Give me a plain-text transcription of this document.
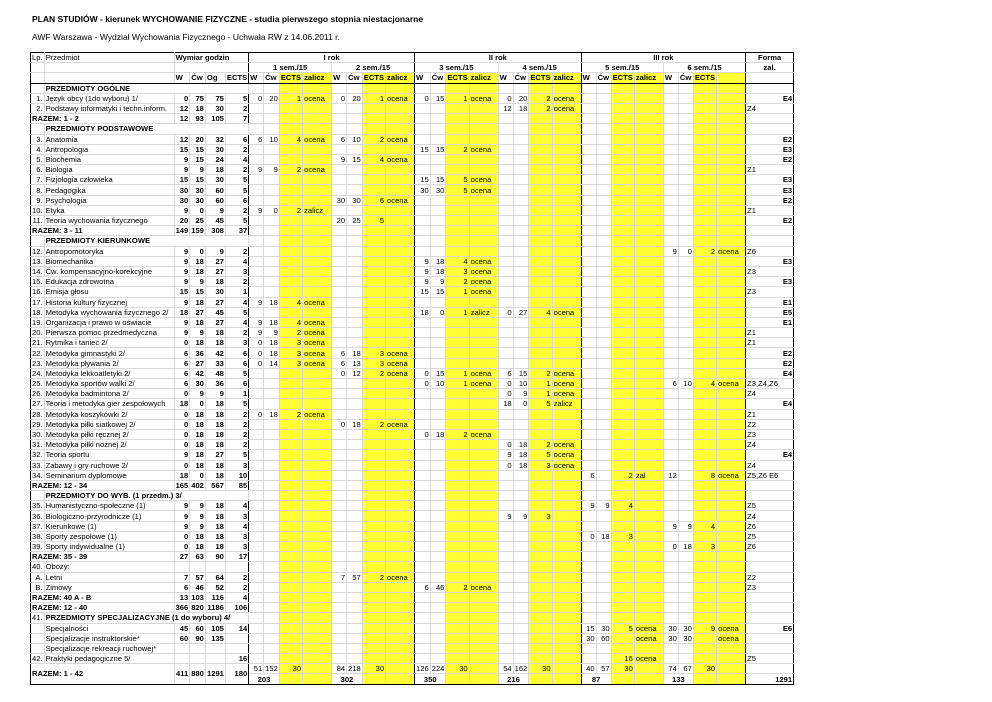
PLAN STUDIÓW - kierunek WYCHOWANIE FIZYCZNE - studia pierwszego stopnia niestacjonarne
AWF Warszawa - Wydział Wychowania Fizycznego - Uchwała RW z 14.06.2011 r.
Lp.	Przedmiot	Wymiar godzin				I rok								II rok								III rok								Forma
						1 sem./15				2 sem./15				3 sem./15				4 sem./15				5 sem./15				6 sem./15				zal.
		W	Ćw	Og	ECTS	W	Ćw	ECTS	zalicz	W	Ćw	ECTS	zalicz	W	Ćw	ECTS	zalicz	W	Ćw	ECTS	zalicz	W	Ćw	ECTS	zalicz	W	Ćw	ECTS		
	PRZEDMIOTY OGÓLNE																													
1.	Język obcy (1do wyboru) 1/	0	75	75	5	0	20	1	ocena	0	20	1	ocena	0	15	1	ocena	0	20	2	ocena									E4
2.	Podstawy informatyki i techn.inform.	12	18	30	2													12	18	2	ocena									Z4
RAZEM: 1 - 2		12	93	105	7																									
	PRZEDMIOTY PODSTAWOWE																													
3.	Anatomia	12	20	32	6	6	10	4	ocena	6	10	2	ocena																	E2
4.	Antropologia	15	15	30	2									15	15	2	ocena													E3
5.	Biochemia	9	15	24	4					9	15	4	ocena																	E2
6.	Biologia	9	9	18	2	9	9	2	ocena																					Z1
7.	Fizjologia człowieka	15	15	30	5									15	15	5	ocena													E3
8.	Pedagogika	30	30	60	5									30	30	5	ocena													E3
9.	Psychologia	30	30	60	6					30	30	6	ocena																	E2
10.	Etyka	9	0	9	2	9	0	2	zalicz																					Z1
11.	Teoria wychowania fizycznego	20	25	45	5					20	25	5																		E2
RAZEM: 3 - 11		149	159	308	37																									
	PRZEDMIOTY KIERUNKOWE																													
12.	Antropomotoryka	9	0	9	2																					9	0	2	ocena	Z6
13.	Biomechanika	9	18	27	4									9	18	4	ocena													E3
14.	Ćw. kompensacyjno-korekcyjne	9	18	27	3									9	18	3	ocena													Z3
15.	Edukacja zdrowotna	9	9	18	2									9	9	2	ocena													E3
16.	Emisja głosu	15	15	30	1									15	15	1	ocena													Z3
17.	Historia kultury fizycznej	9	18	27	4	9	18	4	ocena																					E1
18.	Metodyka wychowania fizycznego 2/	18	27	45	5									18	0	1	zalicz	0	27	4	ocena									E5
19.	Organizacja i prawo w oświacie	9	18	27	4	9	18	4	ocena																					E1
20.	Pierwsza pomoc przedmedyczna	9	9	18	2	9	9	2	ocena																					Z1
21.	Rytmika i taniec 2/	0	18	18	3	0	18	3	ocena																					Z1
22.	Metodyka gimnastyki 2/	6	36	42	6	0	18	3	ocena	6	18	3	ocena																	E2
23.	Metodyka pływania 2/	6	27	33	6	0	14	3	ocena	6	13	3	ocena																	E2
24.	Metodyka lekkoatletyki 2/	6	42	48	5					0	12	2	ocena	0	15	1	ocena	6	15	2	ocena									E4
25.	Metodyka sportów walki 2/	6	30	36	6									0	10	1	ocena	0	10	1	ocena					6	10	4	ocena	Z3,Z4,Z6
26.	Metodyka badmintona 2/	0	9	9	1													0	9	1	ocena									Z4
27.	Teoria i metodyka gier zespołowych	18	0	18	5													18	0	5	zalicz									E4
28.	Metodyka koszykówki 2/	0	18	18	2	0	18	2	ocena																					Z1
29.	Metodyka piłki siatkowej 2/	0	18	18	2					0	18	2	ocena																	Z2
30.	Metodyka piłki ręcznej 2/	0	18	18	2									0	18	2	ocena													Z3
31.	Metodyka piłki nożnej 2/	0	18	18	2													0	18	2	ocena									Z4
32.	Teoria sportu	9	18	27	5													9	18	5	ocena									E4
33.	Zabawy i gry ruchowe 2/	0	18	18	3													0	18	3	ocena									Z4
34.	Seminarium dyplomowe	18	0	18	10																	6		2	zal	12		8	ocena	Z5,Z6 E6
RAZEM: 12 - 34		165	402	567	85																									
	PRZEDMIOTY DO WYB. (1 przedm.) 3/																													
35.	Humanistyczno-społeczne (1)	9	9	18	4																	9	9	4						Z5
36.	Biologiczno-przyrodnicze (1)	9	9	18	3													9	9	3										Z4
37.	Kierunkowe (1)	9	9	18	4																					9	9	4		Z6
38.	Sporty zespołowe (1)	0	18	18	3																	0	18	3						Z5
39.	Sporty indywidualne (1)	0	18	18	3																					0	18	3		Z6
RAZEM: 35 - 39		27	63	90	17																									
40.	Obozy:																													
A.	Letni	7	57	64	2					7	57	2	ocena																	Z2
B.	Zimowy	6	46	52	2									6	46	2	ocena													Z3
RAZEM: 40 A - B		13	103	116	4																									
RAZEM: 12 - 40		366	820	1186	106																									
41.	PRZEDMIOTY SPECJALIZACYJNE (1 do wyboru) 4/																													
	Specjalności	45	60	105	14																	15	30	5	ocena	30	30	9	ocena	E6
	Specjalizacje instruktorskie*	60	90	135																		30	60		ocena	30	30		ocena	
	Specjalizacje rekreacji ruchowej*																													
42.	Praktyki pedagogiczne 5/				16																			16	ocena					Z5
RAZEM: 1 - 42		411	880	1291	180	51	152	30		84	218	30		126	224	30		54	162	30		40	57	30		74	67	30		
						203				302				350				216				87				133				1291
